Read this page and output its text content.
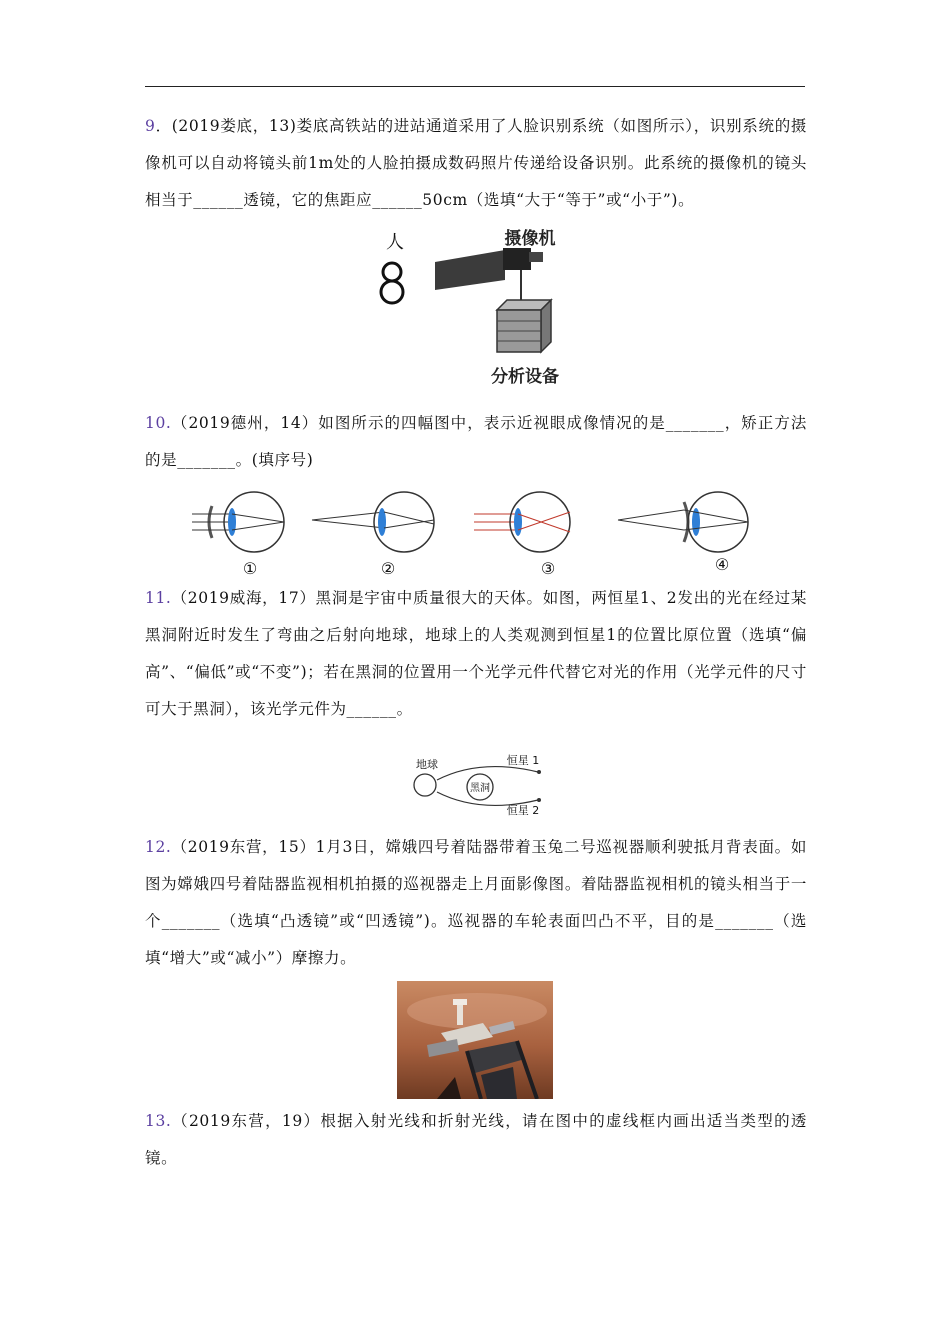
9．(2019娄底，13)娄底高铁站的进站通道采用了人脸识别系统（如图所示），识别系统的摄像机可以自动将镜头前1m处的人脸拍摄成数码照片传递给设备识别。此系统的摄像机的镜头相当于______透镜，它的焦距应______50cm（选填“大于“等于”或“小于”)。

人	摄像机
分析设备

10.（2019德州，14）如图所示的四幅图中，表示近视眼成像情况的是_______，矫正方法的是_______。(填序号)

①	②	③	④

11.（2019威海，17）黑洞是宇宙中质量很大的天体。如图，两恒星1、2发出的光在经过某黑洞附近时发生了弯曲之后射向地球，地球上的人类观测到恒星1的位置比原位置（选填“偏高”、“偏低”或“不变”)；若在黑洞的位置用一个光学元件代替它对光的作用（光学元件的尺寸可大于黑洞），该光学元件为______。

地球
黑洞
恒星 1
恒星 2

12.（2019东营，15）1月3日，嫦娥四号着陆器带着玉兔二号巡视器顺利驶抵月背表面。如图为嫦娥四号着陆器监视相机拍摄的巡视器走上月面影像图。着陆器监视相机的镜头相当于一个_______（选填“凸透镜”或“凹透镜”)。巡视器的车轮表面凹凸不平，目的是_______（选填“增大”或“减小”）摩擦力。

13.（2019东营，19）根据入射光线和折射光线，请在图中的虚线框内画出适当类型的透镜。
